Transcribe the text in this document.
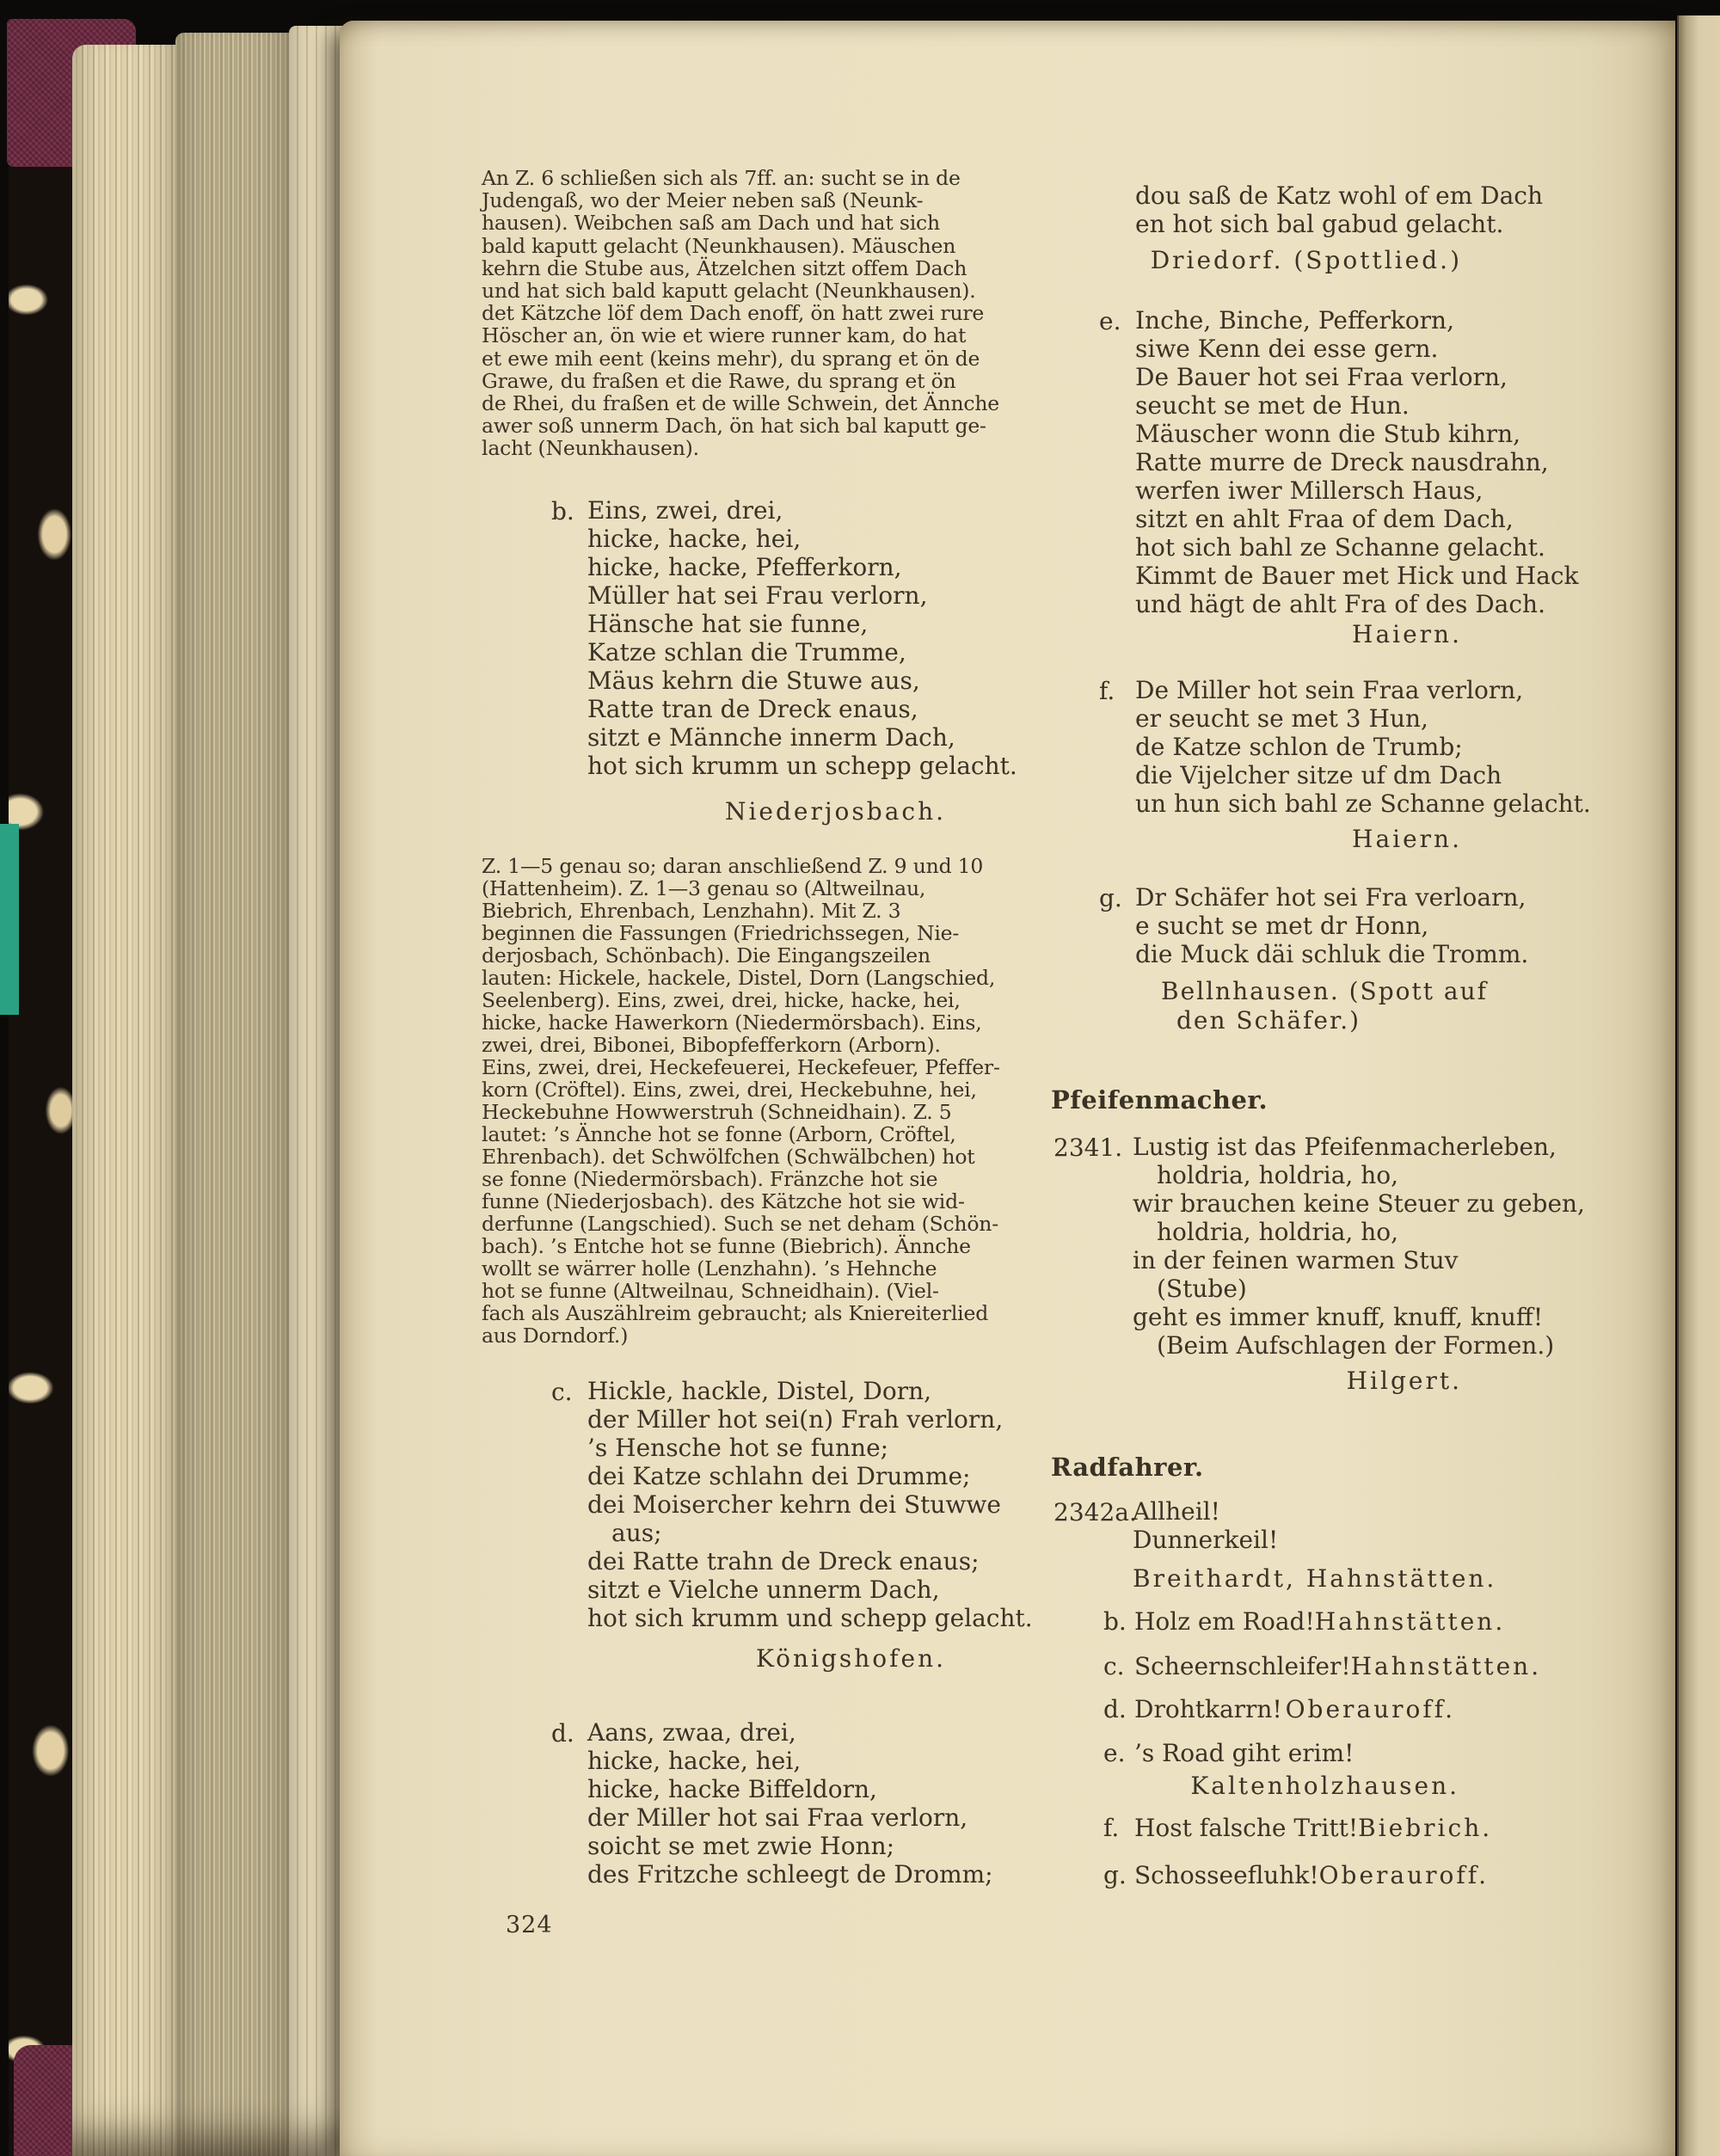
An Z. 6 schließen sich als 7ff. an: sucht se in de
Judengaß, wo der Meier neben saß (Neunk-
hausen). Weibchen saß am Dach und hat sich
bald kaputt gelacht (Neunkhausen). Mäuschen
kehrn die Stube aus, Ätzelchen sitzt offem Dach
und hat sich bald kaputt gelacht (Neunkhausen).
det Kätzche löf dem Dach enoff, ön hatt zwei rure
Höscher an, ön wie et wiere runner kam, do hat
et ewe mih eent (keins mehr), du sprang et ön de
Grawe, du fraßen et die Rawe, du sprang et ön
de Rhei, du fraßen et de wille Schwein, det Ännche
awer soß unnerm Dach, ön hat sich bal kaputt ge-
lacht (Neunkhausen).
b. Eins, zwei, drei,
hicke, hacke, hei,
hicke, hacke, Pfefferkorn,
Müller hat sei Frau verlorn,
Hänsche hat sie funne,
Katze schlan die Trumme,
Mäus kehrn die Stuwe aus,
Ratte tran de Dreck enaus,
sitzt e Männche innerm Dach,
hot sich krumm un schepp gelacht.
Niederjosbach.
Z. 1—5 genau so; daran anschließend Z. 9 und 10
(Hattenheim). Z. 1—3 genau so (Altweilnau,
Biebrich, Ehrenbach, Lenzhahn). Mit Z. 3
beginnen die Fassungen (Friedrichssegen, Nie-
derjosbach, Schönbach). Die Eingangszeilen
lauten: Hickele, hackele, Distel, Dorn (Langschied,
Seelenberg). Eins, zwei, drei, hicke, hacke, hei,
hicke, hacke Hawerkorn (Niedermörsbach). Eins,
zwei, drei, Bibonei, Bibopfefferkorn (Arborn).
Eins, zwei, drei, Heckefeuerei, Heckefeuer, Pfeffer-
korn (Cröftel). Eins, zwei, drei, Heckebuhne, hei,
Heckebuhne Howwerstruh (Schneidhain). Z. 5
lautet: ’s Ännche hot se fonne (Arborn, Cröftel,
Ehrenbach). det Schwölfchen (Schwälbchen) hot
se fonne (Niedermörsbach). Fränzche hot sie
funne (Niederjosbach). des Kätzche hot sie wid-
derfunne (Langschied). Such se net deham (Schön-
bach). ’s Entche hot se funne (Biebrich). Ännche
wollt se wärrer holle (Lenzhahn). ’s Hehnche
hot se funne (Altweilnau, Schneidhain). (Viel-
fach als Auszählreim gebraucht; als Kniereiterlied
aus Dorndorf.)
c. Hickle, hackle, Distel, Dorn,
der Miller hot sei(n) Frah verlorn,
’s Hensche hot se funne;
dei Katze schlahn dei Drumme;
dei Moisercher kehrn dei Stuwwe
aus;
dei Ratte trahn de Dreck enaus;
sitzt e Vielche unnerm Dach,
hot sich krumm und schepp gelacht.
Königshofen.
d. Aans, zwaa, drei,
hicke, hacke, hei,
hicke, hacke Biffeldorn,
der Miller hot sai Fraa verlorn,
soicht se met zwie Honn;
des Fritzche schleegt de Dromm;
324
dou saß de Katz wohl of em Dach
en hot sich bal gabud gelacht.
Driedorf. (Spottlied.)
e. Inche, Binche, Pefferkorn,
siwe Kenn dei esse gern.
De Bauer hot sei Fraa verlorn,
seucht se met de Hun.
Mäuscher wonn die Stub kihrn,
Ratte murre de Dreck nausdrahn,
werfen iwer Millersch Haus,
sitzt en ahlt Fraa of dem Dach,
hot sich bahl ze Schanne gelacht.
Kimmt de Bauer met Hick und Hack
und hägt de ahlt Fra of des Dach.
Haiern.
f. De Miller hot sein Fraa verlorn,
er seucht se met 3 Hun,
de Katze schlon de Trumb;
die Vijelcher sitze uf dm Dach
un hun sich bahl ze Schanne gelacht.
Haiern.
g. Dr Schäfer hot sei Fra verloarn,
e sucht se met dr Honn,
die Muck däi schluk die Tromm.
Bellnhausen. (Spott auf
den Schäfer.)
Pfeifenmacher.
2341. Lustig ist das Pfeifenmacherleben,
holdria, holdria, ho,
wir brauchen keine Steuer zu geben,
holdria, holdria, ho,
in der feinen warmen Stuv
(Stube)
geht es immer knuff, knuff, knuff!
(Beim Aufschlagen der Formen.)
Hilgert.
Radfahrer.
2342a.
Allheil!
Dunnerkeil!
Breithardt, Hahnstätten.
b. Holz em Road! Hahnstätten.
c. Scheernschleifer! Hahnstätten.
d. Drohtkarrn! Oberauroff.
e. ’s Road giht erim!
Kaltenholzhausen.
f. Host falsche Tritt! Biebrich.
g. Schosseefluhk! Oberauroff.
